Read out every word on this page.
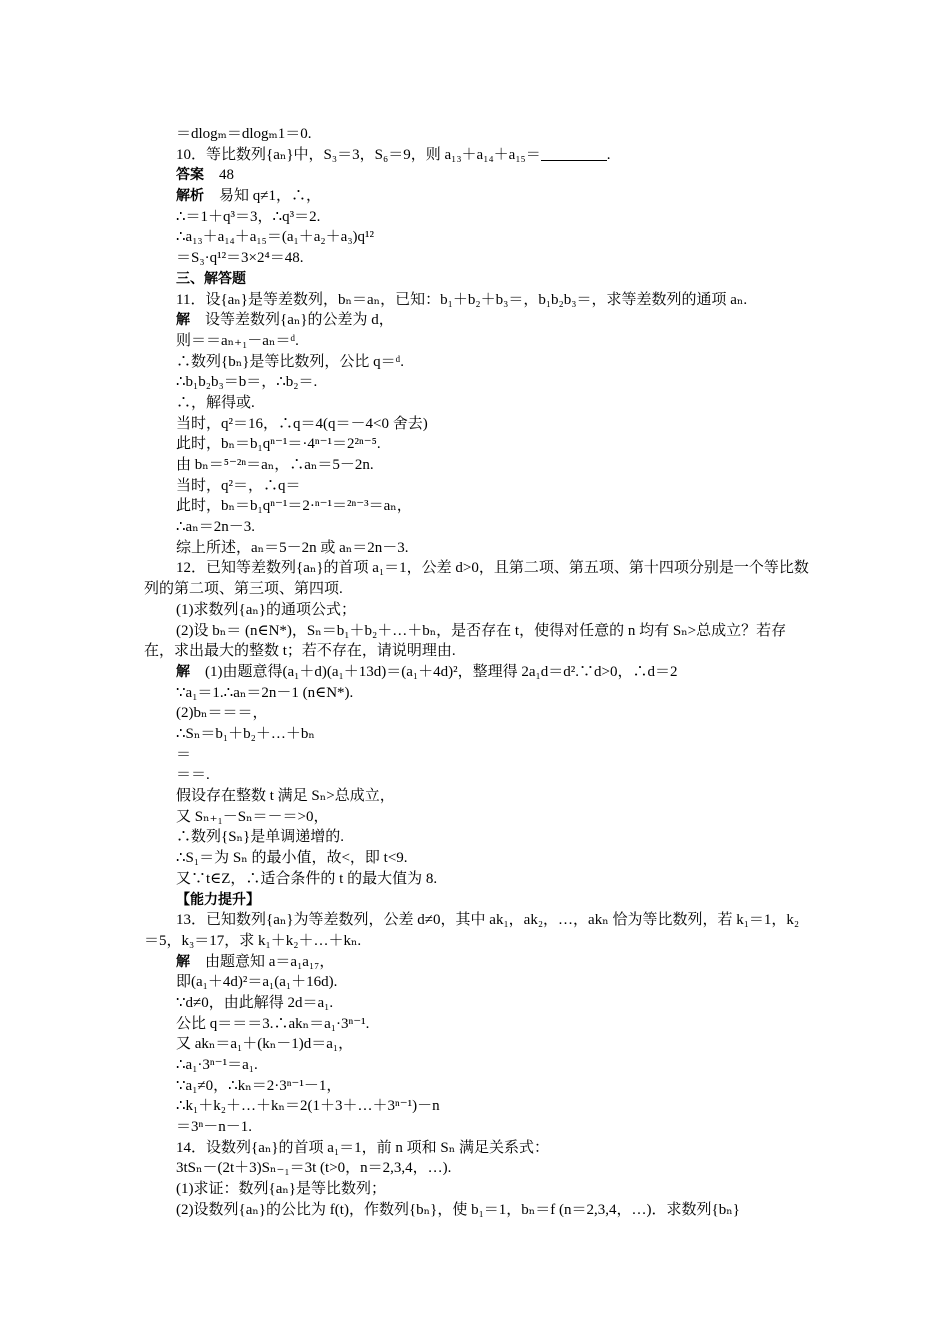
＝dlogₘ＝dlogₘ1＝0.
10．等比数列{aₙ}中，S₃＝3，S₆＝9，则 a₁₃＋a₁₄＋a₁₅＝	.
答案  48
解析  易知 q≠1，∴，
∴＝1＋q³＝3，∴q³＝2.
∴a₁₃＋a₁₄＋a₁₅＝(a₁＋a₂＋a₃)q¹²
＝S₃·q¹²＝3×2⁴＝48.
三、解答题
11．设{aₙ}是等差数列，bₙ＝aₙ，已知：b₁＋b₂＋b₃＝，b₁b₂b₃＝，求等差数列的通项 aₙ.
解  设等差数列{aₙ}的公差为 d，
则＝＝aₙ₊₁－aₙ＝ᵈ.
∴数列{bₙ}是等比数列，公比 q＝ᵈ.
∴b₁b₂b₃＝b＝，∴b₂＝.
∴，解得或.
当时，q²＝16，∴q＝4(q＝－4<0 舍去)
此时，bₙ＝b₁qⁿ⁻¹＝·4ⁿ⁻¹＝2²ⁿ⁻⁵.
由 bₙ＝⁵⁻²ⁿ＝aₙ，∴aₙ＝5－2n.
当时，q²＝，∴q＝
此时，bₙ＝b₁qⁿ⁻¹＝2·ⁿ⁻¹＝²ⁿ⁻³＝aₙ，
∴aₙ＝2n－3.
综上所述，aₙ＝5－2n 或 aₙ＝2n－3.
12．已知等差数列{aₙ}的首项 a₁＝1，公差 d>0，且第二项、第五项、第十四项分别是一个等比数列的第二项、第三项、第四项.
(1)求数列{aₙ}的通项公式；
(2)设 bₙ＝ (n∈N*)，Sₙ＝b₁＋b₂＋…＋bₙ，是否存在 t，使得对任意的 n 均有 Sₙ>总成立？若存在，求出最大的整数 t；若不存在，请说明理由.
解  (1)由题意得(a₁＋d)(a₁＋13d)＝(a₁＋4d)²，整理得 2a₁d＝d².∵d>0，∴d＝2
∵a₁＝1.∴aₙ＝2n－1 (n∈N*).
(2)bₙ＝＝＝，
∴Sₙ＝b₁＋b₂＋…＋bₙ
＝
＝＝.
假设存在整数 t 满足 Sₙ>总成立，
又 Sₙ₊₁－Sₙ＝－＝>0，
∴数列{Sₙ}是单调递增的.
∴S₁＝为 Sₙ 的最小值，故<，即 t<9.
又∵t∈Z，∴适合条件的 t 的最大值为 8.
【能力提升】
13．已知数列{aₙ}为等差数列，公差 d≠0，其中 ak₁，ak₂，…，akₙ 恰为等比数列，若 k₁＝1，k₂＝5，k₃＝17，求 k₁＋k₂＋…＋kₙ.
解  由题意知 a＝a₁a₁₇，
即(a₁＋4d)²＝a₁(a₁＋16d).
∵d≠0，由此解得 2d＝a₁.
公比 q＝＝＝3.∴akₙ＝a₁·3ⁿ⁻¹.
又 akₙ＝a₁＋(kₙ－1)d＝a₁，
∴a₁·3ⁿ⁻¹＝a₁.
∵a₁≠0，∴kₙ＝2·3ⁿ⁻¹－1，
∴k₁＋k₂＋…＋kₙ＝2(1＋3＋…＋3ⁿ⁻¹)－n
＝3ⁿ－n－1.
14．设数列{aₙ}的首项 a₁＝1，前 n 项和 Sₙ 满足关系式：
3tSₙ－(2t＋3)Sₙ₋₁＝3t (t>0，n＝2,3,4，…).
(1)求证：数列{aₙ}是等比数列；
(2)设数列{aₙ}的公比为 f(t)，作数列{bₙ}，使 b₁＝1，bₙ＝f (n＝2,3,4，…)．求数列{bₙ}
